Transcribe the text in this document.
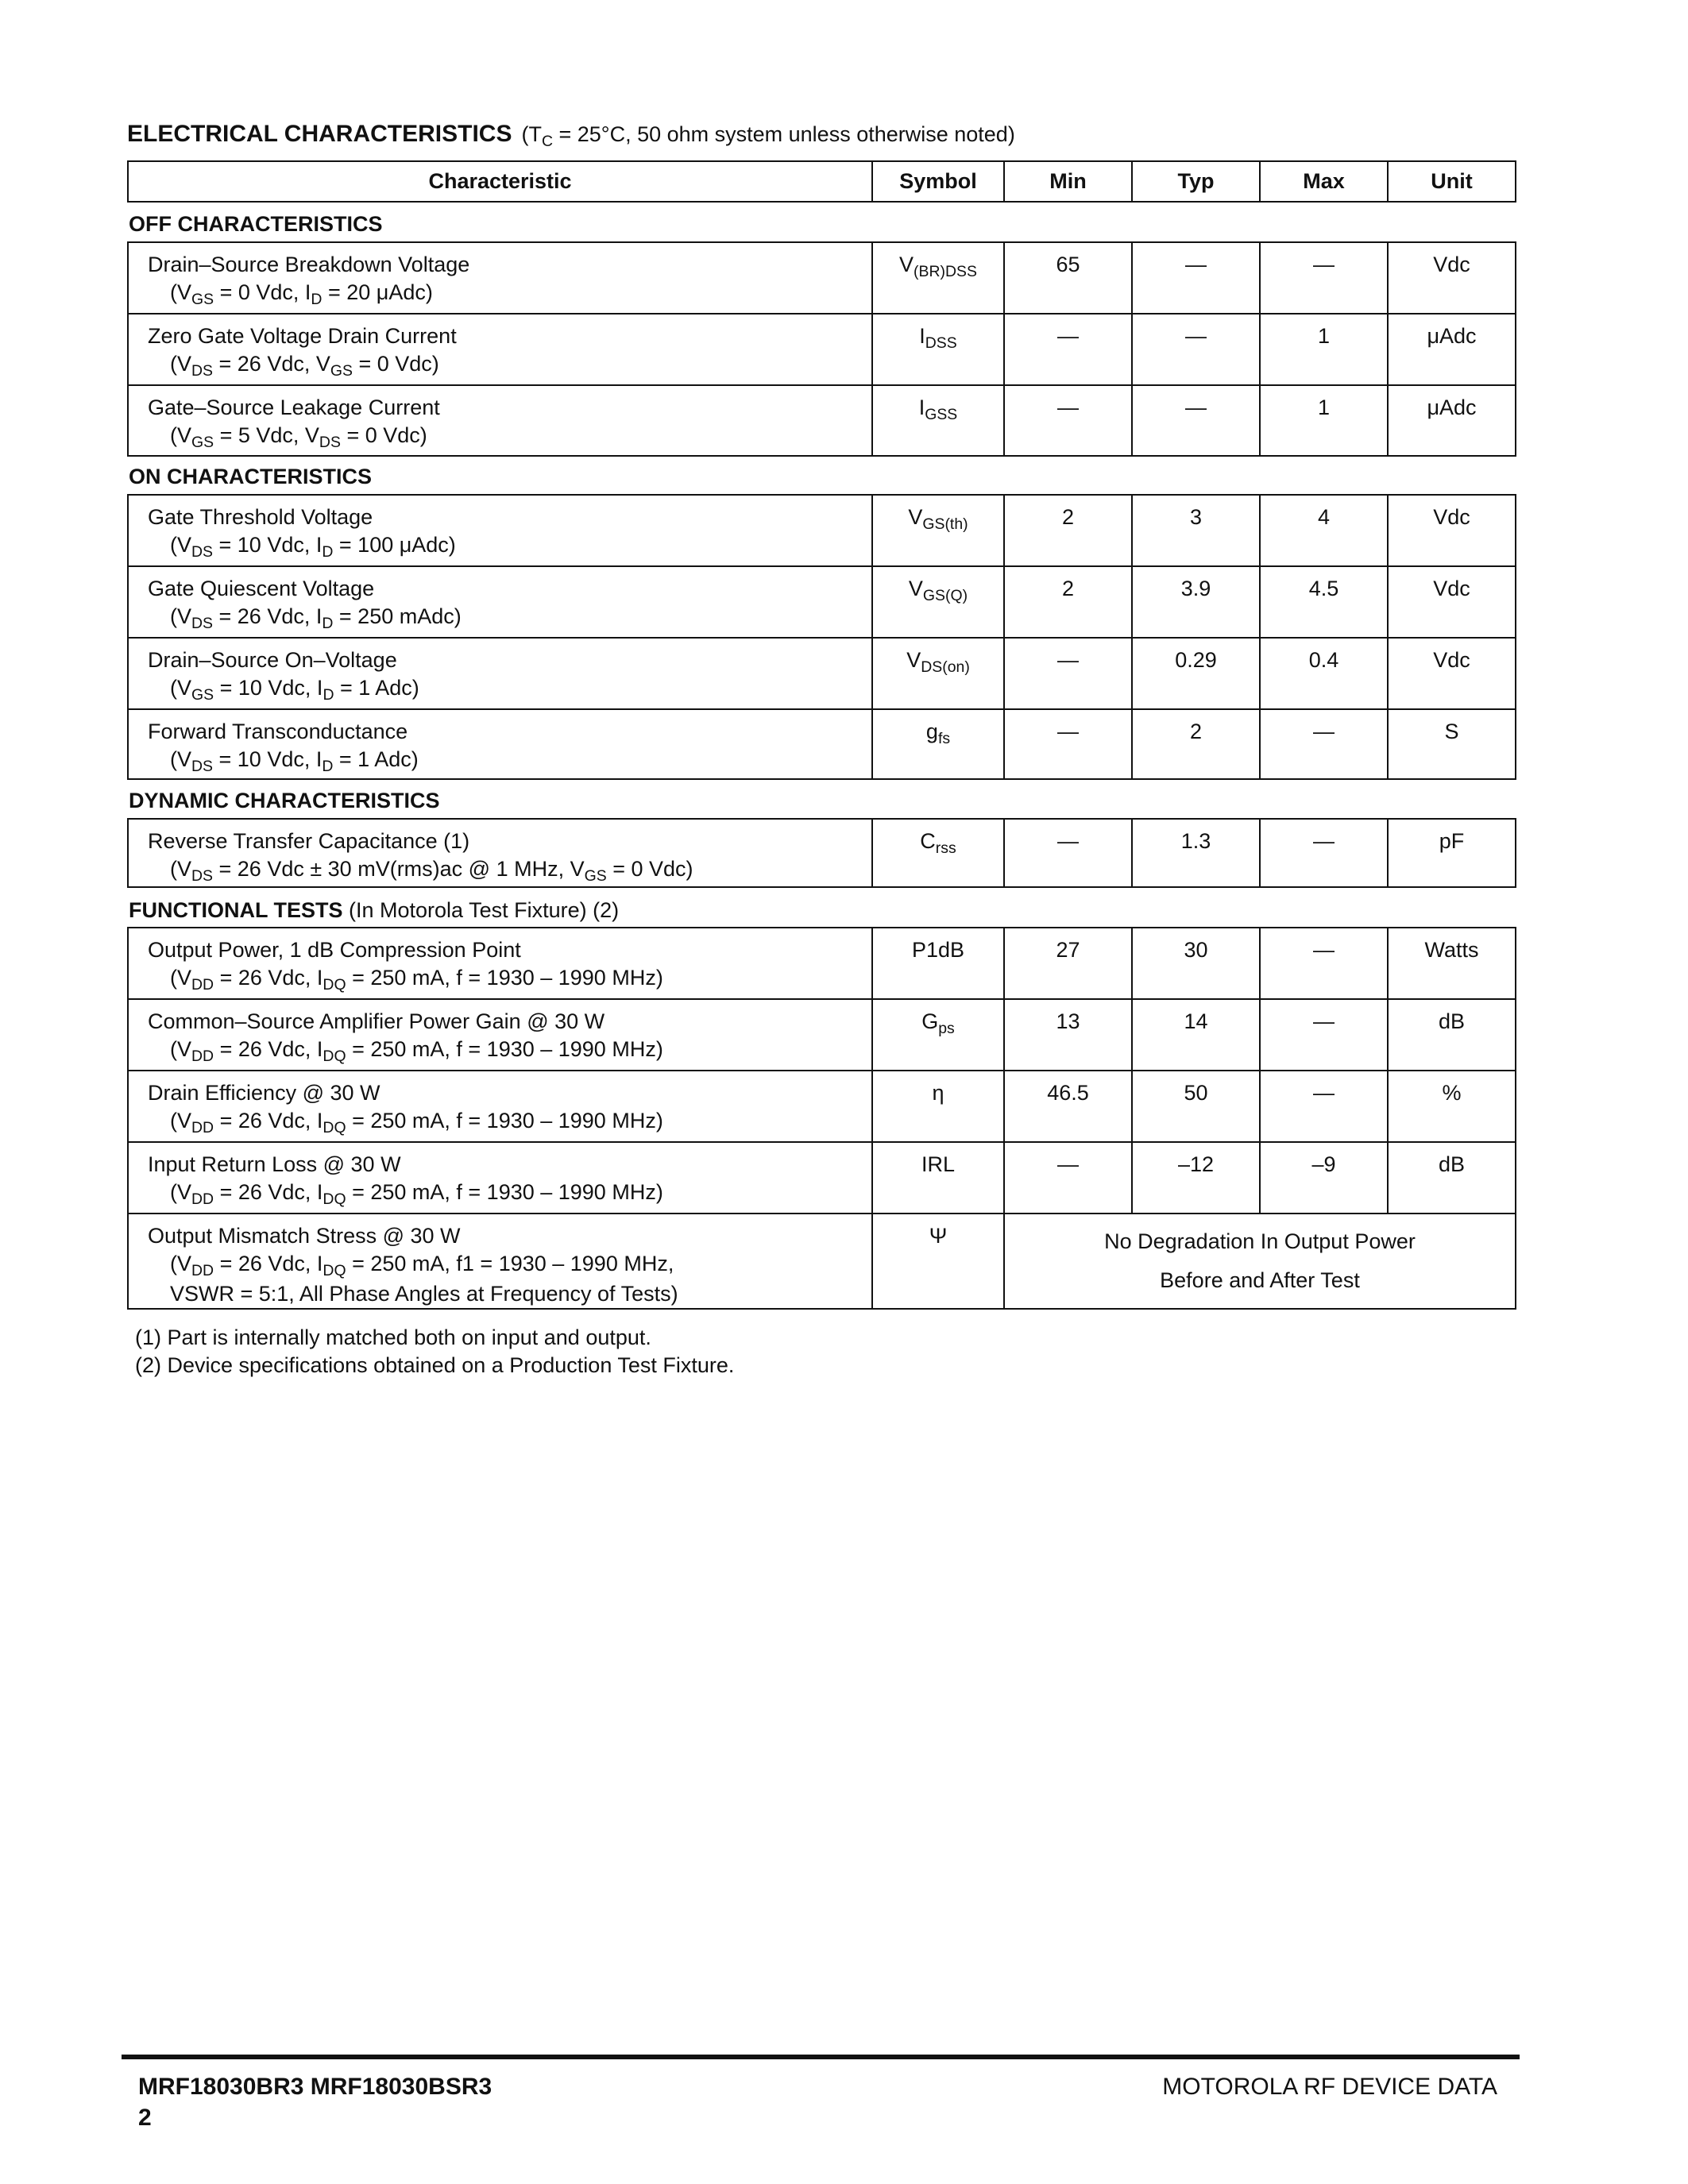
ELECTRICAL CHARACTERISTICS ($T_C = 25^\circ C$, 50 ohm system unless otherwise noted)
Characteristic	Symbol	Min	Typ	Max	Unit
OFF CHARACTERISTICS
Drain–Source Breakdown Voltage
($V_{GS} = 0$ Vdc, $I_D = 20$ μAdc)	$V_{(BR)DSS}$	65	—	—	Vdc
Zero Gate Voltage Drain Current
($V_{DS} = 26$ Vdc, $V_{GS} = 0$ Vdc)	$I_{DSS}$	—	—	1	μAdc
Gate–Source Leakage Current
($V_{GS} = 5$ Vdc, $V_{DS} = 0$ Vdc)	$I_{GSS}$	—	—	1	μAdc
ON CHARACTERISTICS
Gate Threshold Voltage
($V_{DS} = 10$ Vdc, $I_D = 100$ μAdc)	$V_{GS(th)}$	2	3	4	Vdc
Gate Quiescent Voltage
($V_{DS} = 26$ Vdc, $I_D = 250$ mAdc)	$V_{GS(Q)}$	2	3.9	4.5	Vdc
Drain–Source On–Voltage
($V_{GS} = 10$ Vdc, $I_D = 1$ Adc)	$V_{DS(on)}$	—	0.29	0.4	Vdc
Forward Transconductance
($V_{DS} = 10$ Vdc, $I_D = 1$ Adc)	$g_{fs}$	—	2	—	S
DYNAMIC CHARACTERISTICS
Reverse Transfer Capacitance (1)
($V_{DS} = 26$ Vdc ± 30 mV(rms)ac @ 1 MHz, $V_{GS} = 0$ Vdc)
	$C_{rss}$	—	1.3	—	pF
FUNCTIONAL TESTS (In Motorola Test Fixture) (2)
Output Power, 1 dB Compression Point
($V_{DD} = 26$ Vdc, $I_{DQ} = 250$ mA, f = 1930 – 1990 MHz)	P1dB	27	30	—	Watts
Common–Source Amplifier Power Gain @ 30 W
($V_{DD} = 26$ Vdc, $I_{DQ} = 250$ mA, f = 1930 – 1990 MHz)	$G_{ps}$	13	14	—	dB
Drain Efficiency @ 30 W
($V_{DD} = 26$ Vdc, $I_{DQ} = 250$ mA, f = 1930 – 1990 MHz)	η	46.5	50	—	%
Input Return Loss @ 30 W
($V_{DD} = 26$ Vdc, $I_{DQ} = 250$ mA, f = 1930 – 1990 MHz)	IRL	—	–12	–9	dB
Output Mismatch Stress @ 30 W
($V_{DD} = 26$ Vdc, $I_{DQ} = 250$ mA, f1 = 1930 – 1990 MHz,
VSWR = 5:1, All Phase Angles at Frequency of Tests)	Ψ	No Degradation In Output Power
Before and After Test			
(1) Part is internally matched both on input and output.
(2) Device specifications obtained on a Production Test Fixture.
MRF18030BR3 MRF18030BSR3
2
MOTOROLA RF DEVICE DATA
